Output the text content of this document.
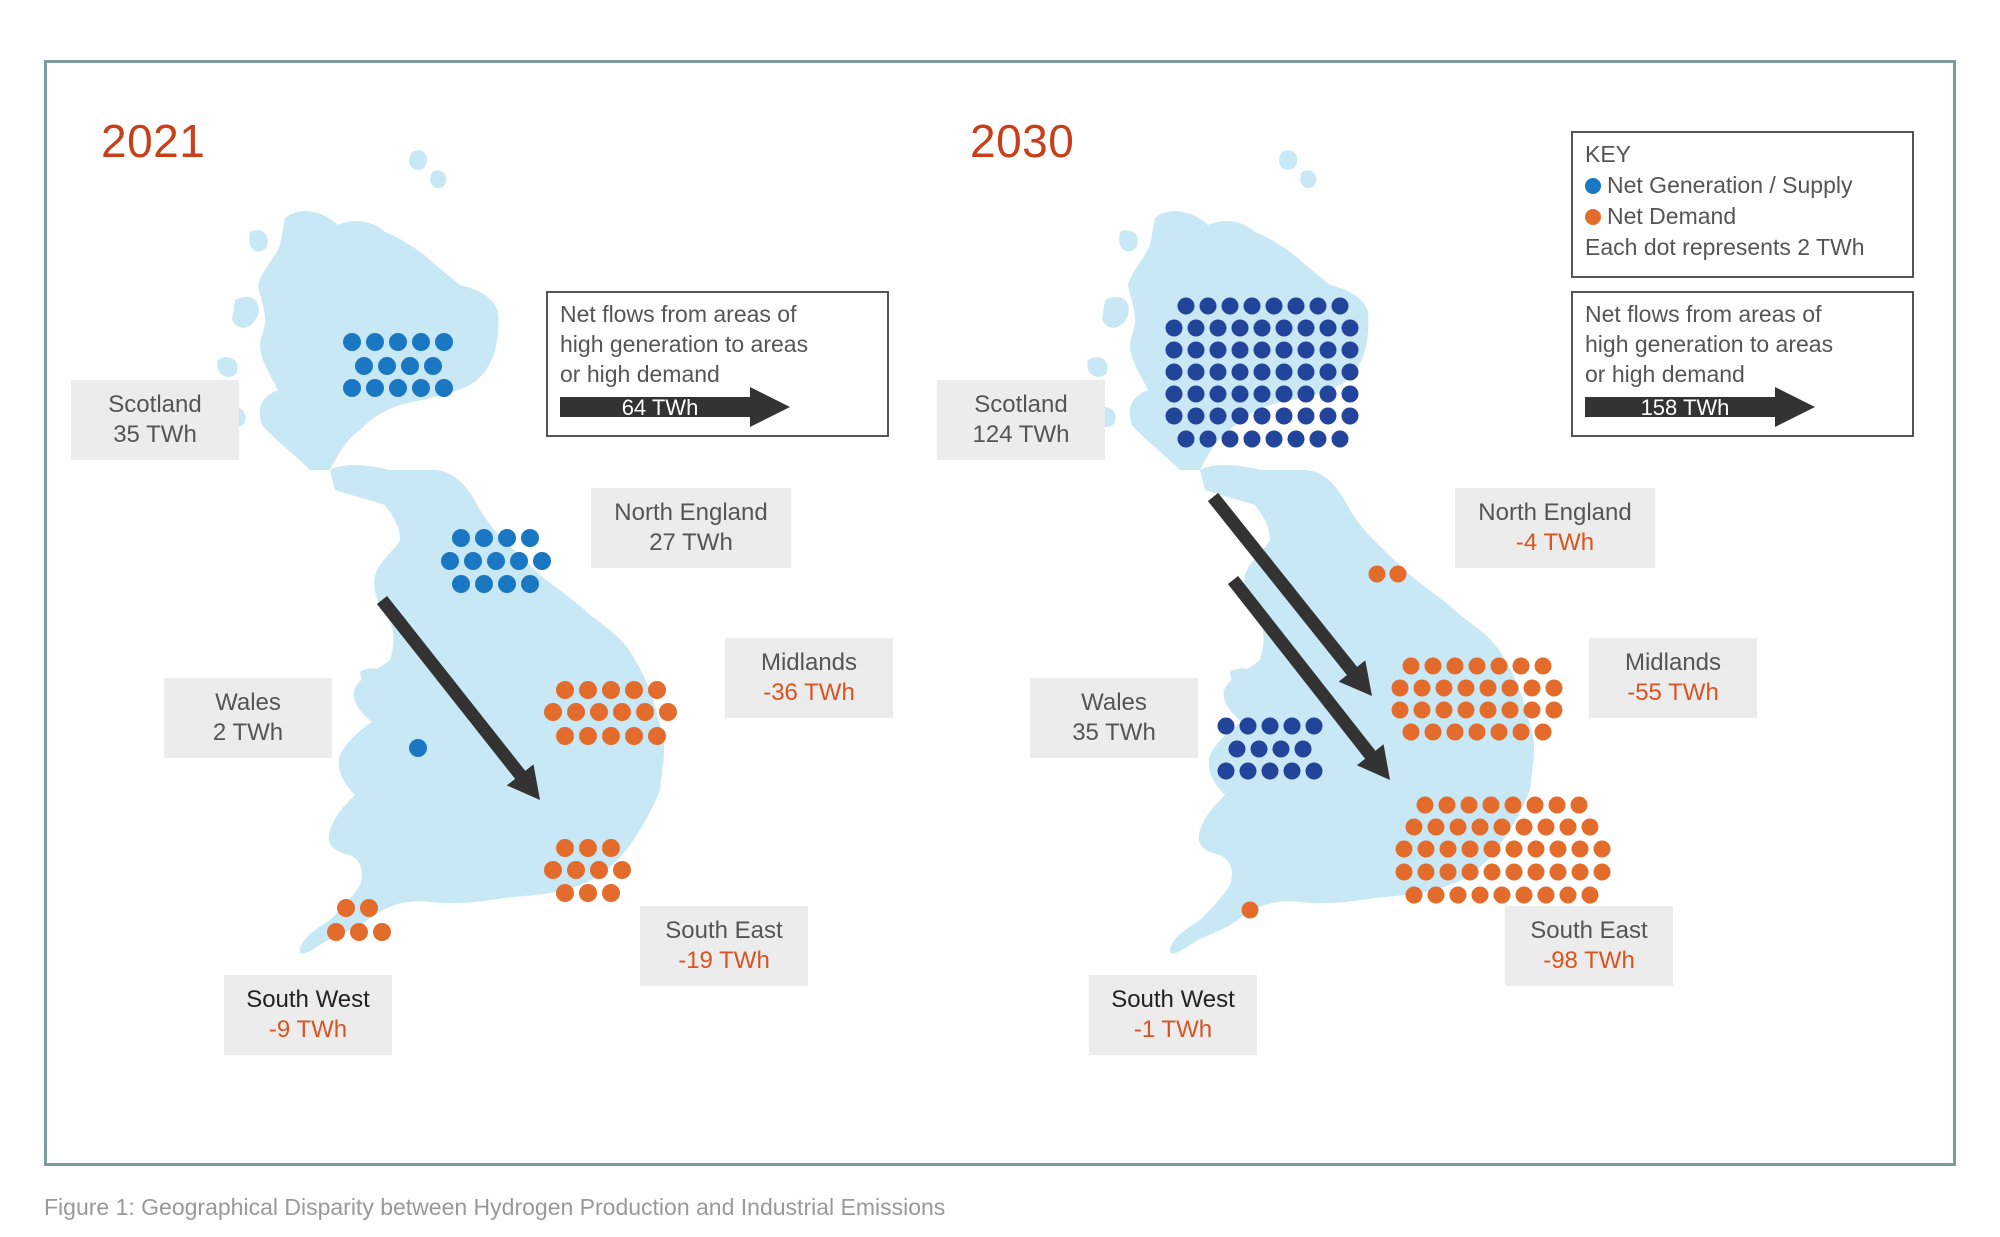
2021	2030
Scotland
35 TWh
North England
27 TWh
Midlands
-36 TWh
Wales
2 TWh
South East
-19 TWh
South West
-9 TWh
Scotland
124 TWh
North England
-4 TWh
Midlands
-55 TWh
Wales
35 TWh
South East
-98 TWh
South West
-1 TWh
Net flows from areas of
high generation to areas
or high demand
64 TWh
Net flows from areas of
high generation to areas
or high demand
158 TWh
KEY
Net Generation / Supply
Net Demand
Each dot represents 2 TWh
Figure 1: Geographical Disparity between Hydrogen Production and Industrial Emissions
